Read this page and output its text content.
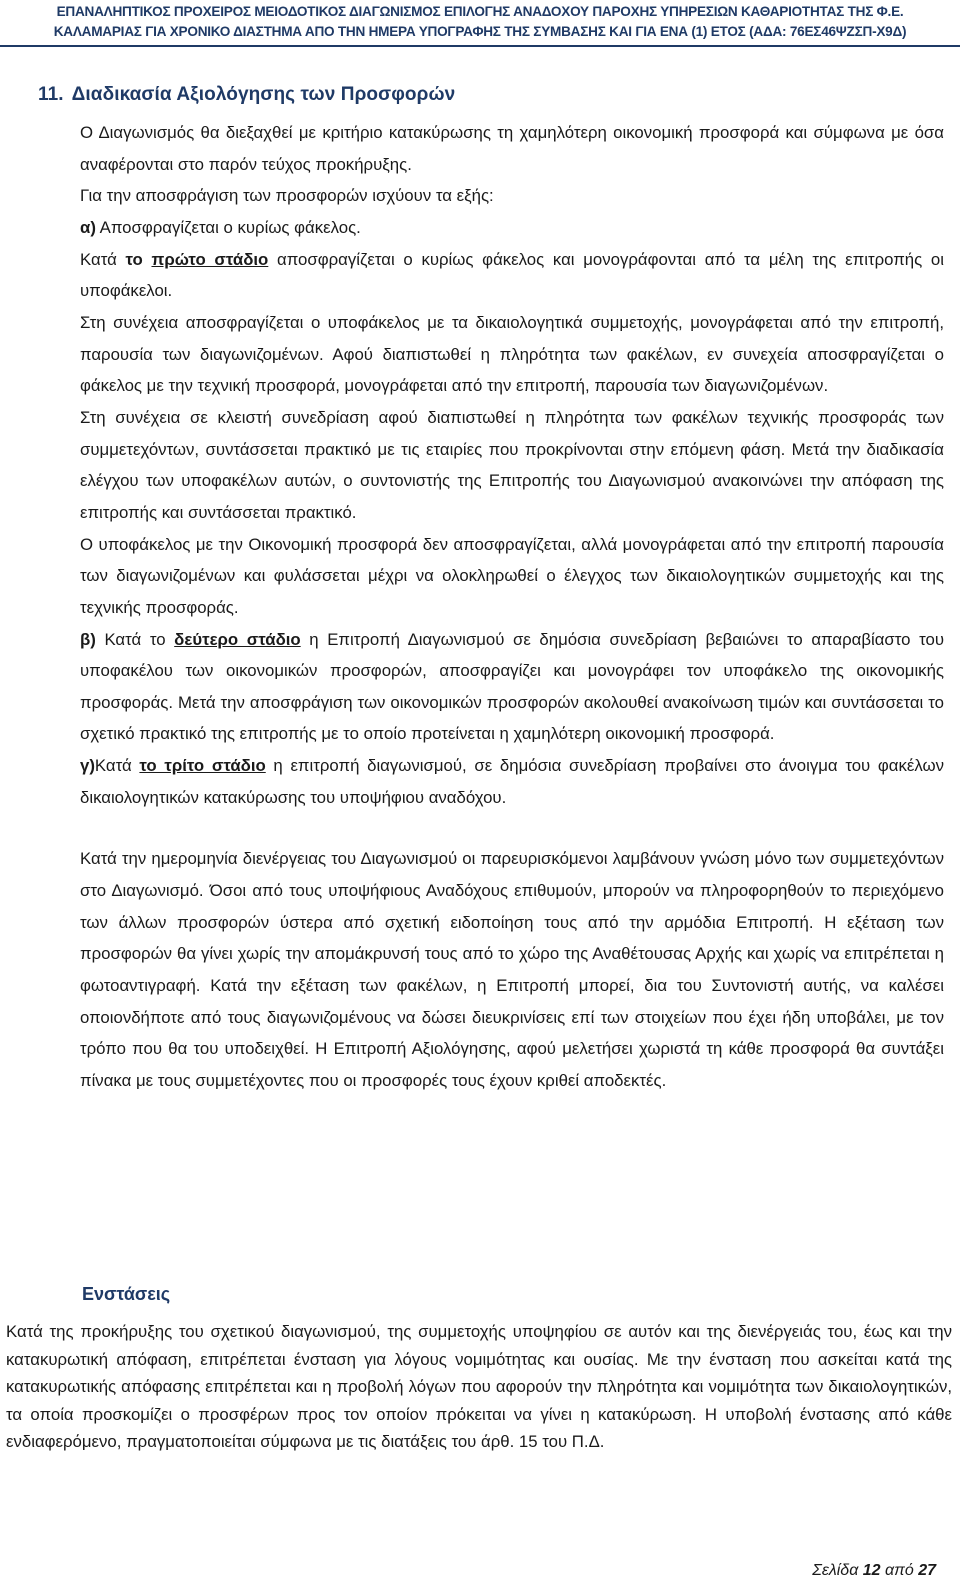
ΕΠΑΝΑΛΗΠΤΙΚΟΣ ΠΡΟΧΕΙΡΟΣ ΜΕΙΟΔΟΤΙΚΟΣ ΔΙΑΓΩΝΙΣΜΟΣ ΕΠΙΛΟΓΗΣ ΑΝΑΔΟΧΟΥ ΠΑΡΟΧΗΣ ΥΠΗΡΕΣΙΩΝ ΚΑΘΑΡΙΟΤΗΤΑΣ ΤΗΣ Φ.Ε.
ΚΑΛΑΜΑΡΙΑΣ ΓΙΑ ΧΡΟΝΙΚΟ ΔΙΑΣΤΗΜΑ ΑΠΟ ΤΗΝ ΗΜΕΡΑ ΥΠΟΓΡΑΦΗΣ ΤΗΣ ΣΥΜΒΑΣΗΣ ΚΑΙ ΓΙΑ ΕΝΑ (1) ΕΤΟΣ (ΑΔΑ: 76ΕΣ46ΨΖΣΠ-Χ9Δ)
11. Διαδικασία Αξιολόγησης των Προσφορών

Ο Διαγωνισμός θα διεξαχθεί με κριτήριο κατακύρωσης τη χαμηλότερη οικονομική προσφορά και σύμφωνα με όσα αναφέρονται στο παρόν τεύχος προκήρυξης.

Για την αποσφράγιση των προσφορών ισχύουν τα εξής:

α) Αποσφραγίζεται ο κυρίως φάκελος.

Κατά το πρώτο στάδιο αποσφραγίζεται ο κυρίως φάκελος και μονογράφονται από τα μέλη της επιτροπής οι υποφάκελοι.

Στη συνέχεια αποσφραγίζεται ο υποφάκελος με τα δικαιολογητικά συμμετοχής, μονογράφεται από την επιτροπή, παρουσία των διαγωνιζομένων. Αφού διαπιστωθεί η πληρότητα των φακέλων, εν συνεχεία αποσφραγίζεται ο φάκελος με την τεχνική προσφορά, μονογράφεται από την επιτροπή, παρουσία των διαγωνιζομένων.

Στη συνέχεια σε κλειστή συνεδρίαση αφού διαπιστωθεί η πληρότητα των φακέλων τεχνικής προσφοράς των συμμετεχόντων, συντάσσεται πρακτικό με τις εταιρίες που προκρίνονται στην επόμενη φάση. Μετά την διαδικασία ελέγχου των υποφακέλων αυτών, ο συντονιστής της Επιτροπής του Διαγωνισμού ανακοινώνει την απόφαση της επιτροπής και συντάσσεται πρακτικό.

Ο υποφάκελος με την Οικονομική προσφορά δεν αποσφραγίζεται, αλλά μονογράφεται από την επιτροπή παρουσία των διαγωνιζομένων και φυλάσσεται μέχρι να ολοκληρωθεί ο έλεγχος των δικαιολογητικών συμμετοχής και της τεχνικής προσφοράς.

β) Κατά το δεύτερο στάδιο η Επιτροπή Διαγωνισμού σε δημόσια συνεδρίαση βεβαιώνει το απαραβίαστο του υποφακέλου των οικονομικών προσφορών, αποσφραγίζει και μονογράφει τον υποφάκελο της οικονομικής προσφοράς. Μετά την αποσφράγιση των οικονομικών προσφορών ακολουθεί ανακοίνωση τιμών και συντάσσεται το σχετικό πρακτικό της επιτροπής με το οποίο προτείνεται η χαμηλότερη οικονομική προσφορά.

γ)Κατά το τρίτο στάδιο η επιτροπή διαγωνισμού, σε δημόσια συνεδρίαση προβαίνει στο άνοιγμα του φακέλων δικαιολογητικών κατακύρωσης του υποψήφιου αναδόχου.

Κατά την ημερομηνία διενέργειας του Διαγωνισμού οι παρευρισκόμενοι λαμβάνουν γνώση μόνο των συμμετεχόντων στο Διαγωνισμό. Όσοι από τους υποψήφιους Αναδόχους επιθυμούν, μπορούν να πληροφορηθούν το περιεχόμενο των άλλων προσφορών ύστερα από σχετική ειδοποίηση τους από την αρμόδια Επιτροπή. Η εξέταση των προσφορών θα γίνει χωρίς την απομάκρυνσή τους από το χώρο της Αναθέτουσας Αρχής και χωρίς να επιτρέπεται η φωτοαντιγραφή. Κατά την εξέταση των φακέλων, η Επιτροπή μπορεί, δια του Συντονιστή αυτής, να καλέσει οποιονδήποτε από τους διαγωνιζομένους να δώσει διευκρινίσεις επί των στοιχείων που έχει ήδη υποβάλει, με τον τρόπο που θα του υποδειχθεί. Η Επιτροπή Αξιολόγησης, αφού μελετήσει χωριστά τη κάθε προσφορά θα συντάξει πίνακα με τους συμμετέχοντες που οι προσφορές τους έχουν κριθεί αποδεκτές.

Ενστάσεις

Κατά της προκήρυξης του σχετικού διαγωνισμού, της συμμετοχής υποψηφίου σε αυτόν και της διενέργειάς του, έως και την κατακυρωτική απόφαση, επιτρέπεται ένσταση για λόγους νομιμότητας και ουσίας. Με την ένσταση που ασκείται κατά της κατακυρωτικής απόφασης επιτρέπεται και η προβολή λόγων που αφορούν την πληρότητα και νομιμότητα των δικαιολογητικών, τα οποία προσκομίζει ο προσφέρων προς τον οποίον πρόκειται να γίνει η κατακύρωση. Η υποβολή ένστασης από κάθε ενδιαφερόμενο, πραγματοποιείται σύμφωνα με τις διατάξεις του άρθ. 15 του Π.Δ.

Σελίδα 12 από 27
